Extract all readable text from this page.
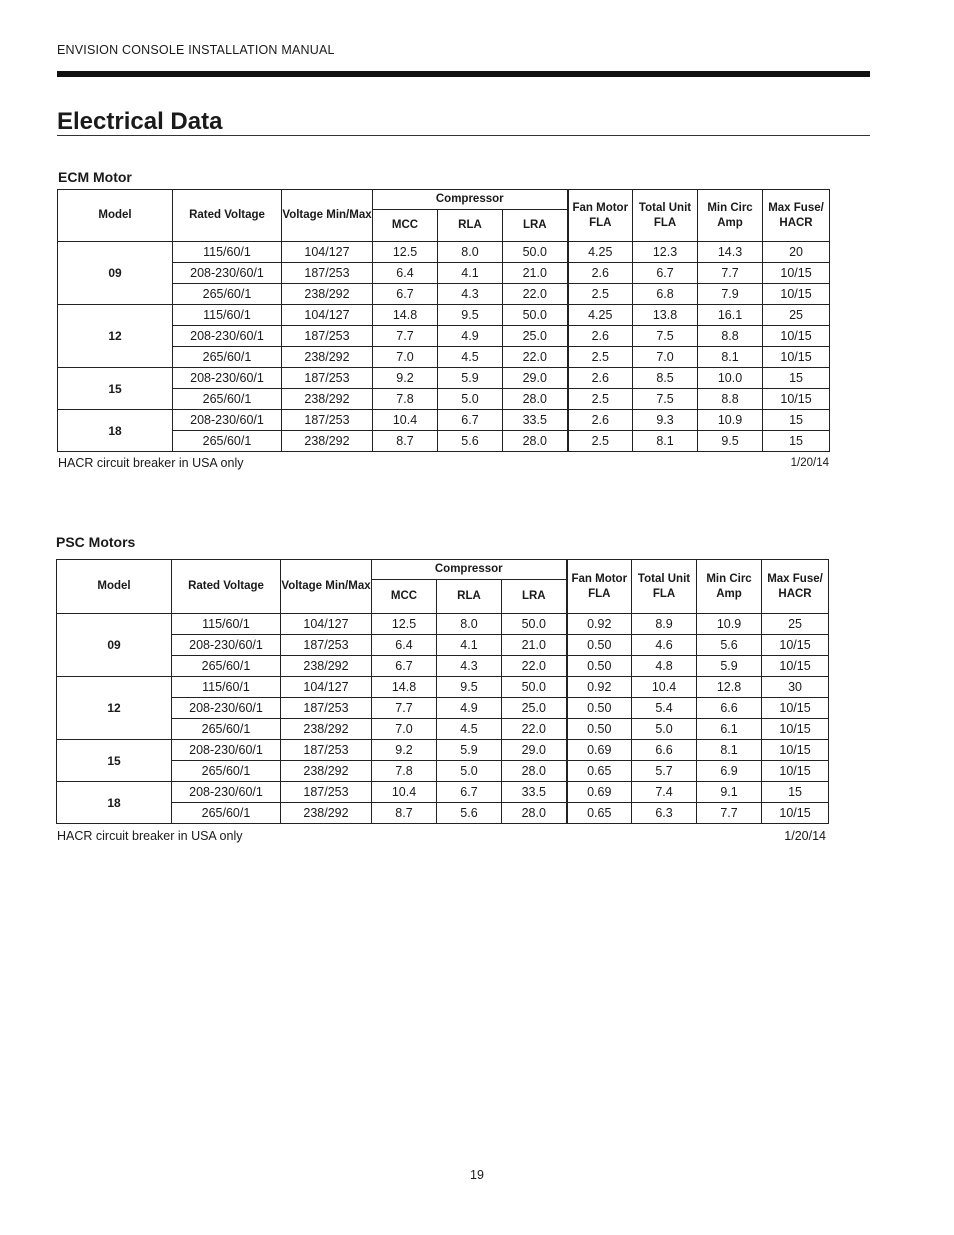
ENVISION CONSOLE INSTALLATION MANUAL
Electrical Data
ECM Motor
Model	Rated Voltage	Voltage Min/Max	Compressor			Fan Motor FLA	Total Unit FLA	Min Circ Amp	Max Fuse/ HACR
			MCC	RLA	LRA				
09	115/60/1	104/127	12.5	8.0	50.0	4.25	12.3	14.3	20
	208-230/60/1	187/253	6.4	4.1	21.0	2.6	6.7	7.7	10/15
	265/60/1	238/292	6.7	4.3	22.0	2.5	6.8	7.9	10/15
12	115/60/1	104/127	14.8	9.5	50.0	4.25	13.8	16.1	25
	208-230/60/1	187/253	7.7	4.9	25.0	2.6	7.5	8.8	10/15
	265/60/1	238/292	7.0	4.5	22.0	2.5	7.0	8.1	10/15
15	208-230/60/1	187/253	9.2	5.9	29.0	2.6	8.5	10.0	15
	265/60/1	238/292	7.8	5.0	28.0	2.5	7.5	8.8	10/15
18	208-230/60/1	187/253	10.4	6.7	33.5	2.6	9.3	10.9	15
	265/60/1	238/292	8.7	5.6	28.0	2.5	8.1	9.5	15
HACR circuit breaker in USA only	1/20/14
PSC Motors
Model	Rated Voltage	Voltage Min/Max	Compressor			Fan Motor FLA	Total Unit FLA	Min Circ Amp	Max Fuse/ HACR
			MCC	RLA	LRA				
09	115/60/1	104/127	12.5	8.0	50.0	0.92	8.9	10.9	25
	208-230/60/1	187/253	6.4	4.1	21.0	0.50	4.6	5.6	10/15
	265/60/1	238/292	6.7	4.3	22.0	0.50	4.8	5.9	10/15
12	115/60/1	104/127	14.8	9.5	50.0	0.92	10.4	12.8	30
	208-230/60/1	187/253	7.7	4.9	25.0	0.50	5.4	6.6	10/15
	265/60/1	238/292	7.0	4.5	22.0	0.50	5.0	6.1	10/15
15	208-230/60/1	187/253	9.2	5.9	29.0	0.69	6.6	8.1	10/15
	265/60/1	238/292	7.8	5.0	28.0	0.65	5.7	6.9	10/15
18	208-230/60/1	187/253	10.4	6.7	33.5	0.69	7.4	9.1	15
	265/60/1	238/292	8.7	5.6	28.0	0.65	6.3	7.7	10/15
HACR circuit breaker in USA only	1/20/14
19
